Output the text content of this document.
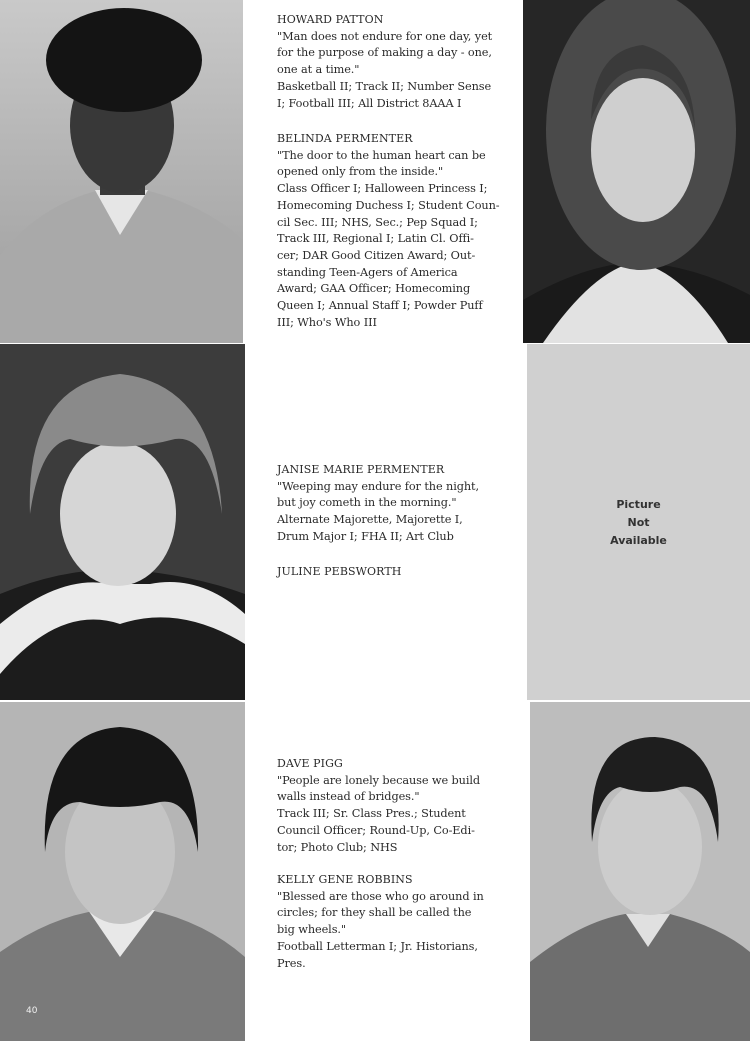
Picture
Not
Available
40
HOWARD PATTON
"Man does not endure for one day, yet
for the purpose of making a day - one,
one at a time."
Basketball II; Track II; Number Sense
I; Football III; All District 8AAA I
BELINDA PERMENTER
"The door to the human heart can be
opened only from the inside."
Class Officer I; Halloween Princess I;
Homecoming Duchess I; Student Coun-
cil Sec. III; NHS, Sec.; Pep Squad I;
Track III, Regional I; Latin Cl. Offi-
cer; DAR Good Citizen Award; Out-
standing Teen-Agers of America
Award; GAA Officer; Homecoming
Queen I; Annual Staff I; Powder Puff
III; Who's Who III
JANISE MARIE PERMENTER
"Weeping may endure for the night,
but joy cometh in the morning."
Alternate Majorette, Majorette I,
Drum Major I; FHA II; Art Club
JULINE PEBSWORTH
DAVE PIGG
"People are lonely because we build
walls instead of bridges."
Track III; Sr. Class Pres.; Student
Council Officer; Round-Up, Co-Edi-
tor; Photo Club; NHS
KELLY GENE ROBBINS
"Blessed are those who go around in
circles; for they shall be called the
big wheels."
Football Letterman I; Jr. Historians,
Pres.
